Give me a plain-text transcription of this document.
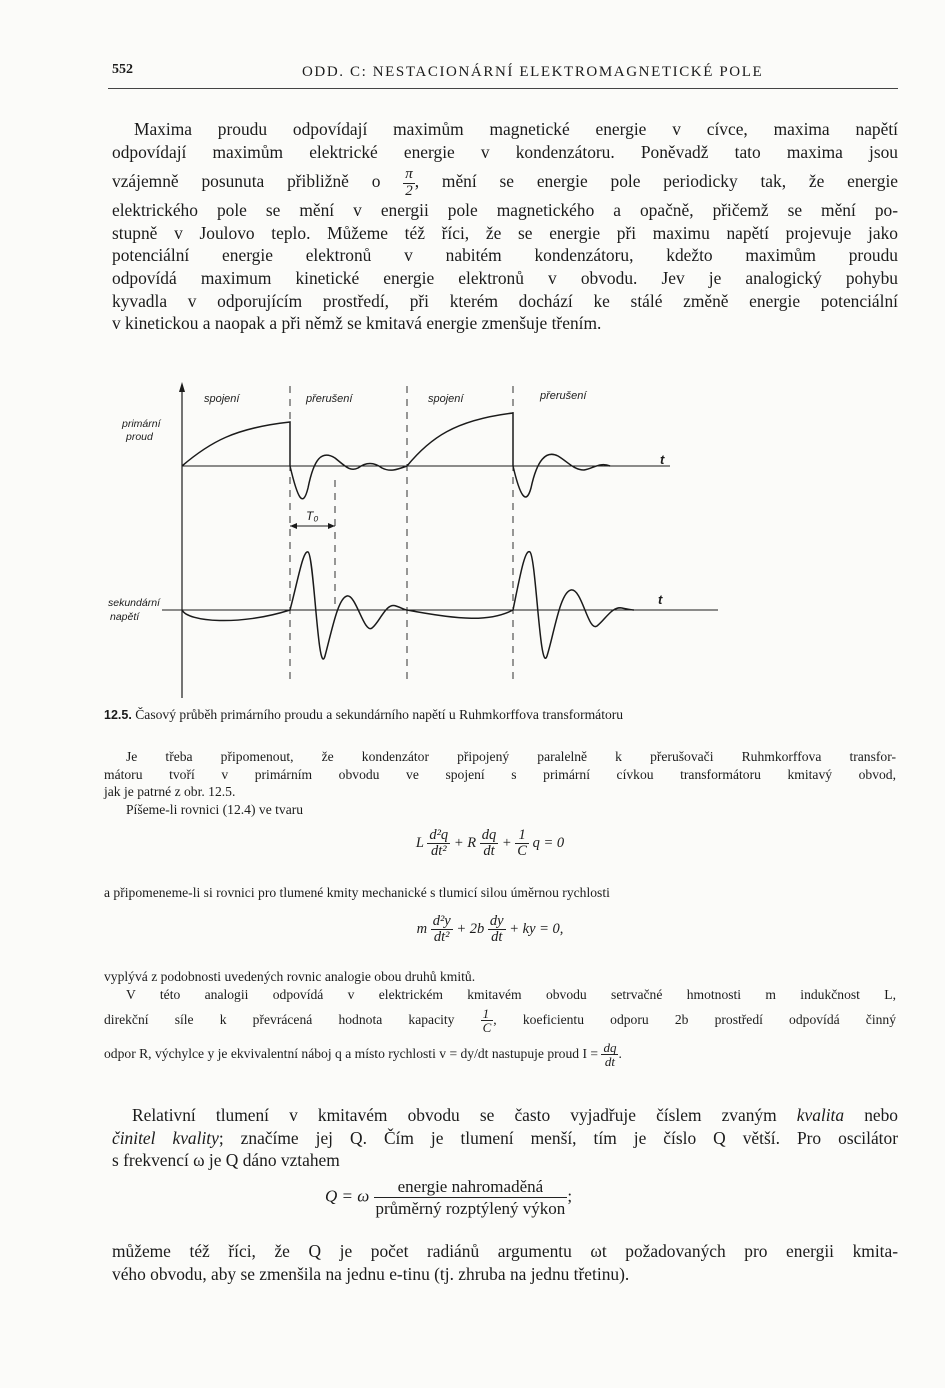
552	ODD. C: NESTACIONÁRNÍ ELEKTROMAGNETICKÉ POLE
Maxima proudu odpovídají maximům magnetické energie v cívce, maxima napětí
odpovídají maximům elektrické energie v kondenzátoru. Poněvadž tato maxima jsou
vzájemně posunuta přibližně o $\frac{\pi}{2}$ , mění se energie pole periodicky tak, že energie
elektrického pole se mění v energii pole magnetického a opačně, přičemž se mění po-
stupně v Joulovo teplo. Můžeme též říci, že se energie při maximu napětí projevuje jako
potenciální energie elektronů v nabitém kondenzátoru, kdežto maximům proudu
odpovídá maximum kinetické energie elektronů v obvodu. Jev je analogický pohybu
kyvadla v odporujícím prostředí, při kterém dochází ke stálé změně energie potenciální
v kinetickou a naopak a při němž se kmitavá energie zmenšuje třením.
T₀
spojení	přerušení	spojení	přerušení
primární
proud
sekundární
napětí
t
t
12.5. Časový průběh primárního proudu a sekundárního napětí u Ruhmkorffova transformátoru
Je třeba připomenout, že kondenzátor připojený paralelně k přerušovači Ruhmkorffova transfor-
mátoru tvoří v primárním obvodu ve spojení s primární cívkou transformátoru kmitavý obvod,
jak je patrné z obr. 12.5.
Píšeme-li rovnici (12.4) ve tvaru
L $\frac{\text{d²q}}{\text{dt²}} + R \frac{dq}{dt} + \frac{1}{C}$ q = 0
a připomeneme-li si rovnici pro tlumené kmity mechanické s tlumicí silou úměrnou rychlosti
m $\frac{\text{d²y}}{\text{dt²}} + 2b \frac{dy}{dt}$ + ky = 0,
vyplývá z podobnosti uvedených rovnic analogie obou druhů kmitů.
V této analogii odpovídá v elektrickém kmitavém obvodu setrvačné hmotnosti m indukčnost L,
direkční síle k převrácená hodnota kapacity $\frac{1}{C}$ , koeficientu odporu 2b prostředí odpovídá činný
odpor R, výchylce y je ekvivalentní náboj q a místo rychlosti v = dy/dt nastupuje proud $I = \frac{dq}{dt}$ .
Relativní tlumení v kmitavém obvodu se často vyjadřuje číslem zvaným kvalita nebo
činitel kvality; značíme jej Q. Čím je tlumení menší, tím je číslo Q větší. Pro oscilátor
s frekvencí ω je Q dáno vztahem
Q = ω $\frac{\text{energie nahromaděná}}{\text{průměrný rozptýlený výkon}}$ ;
můžeme též říci, že Q je počet radiánů argumentu ωt požadovaných pro energii kmita-
vého obvodu, aby se zmenšila na jednu e-tinu (tj. zhruba na jednu třetinu).
